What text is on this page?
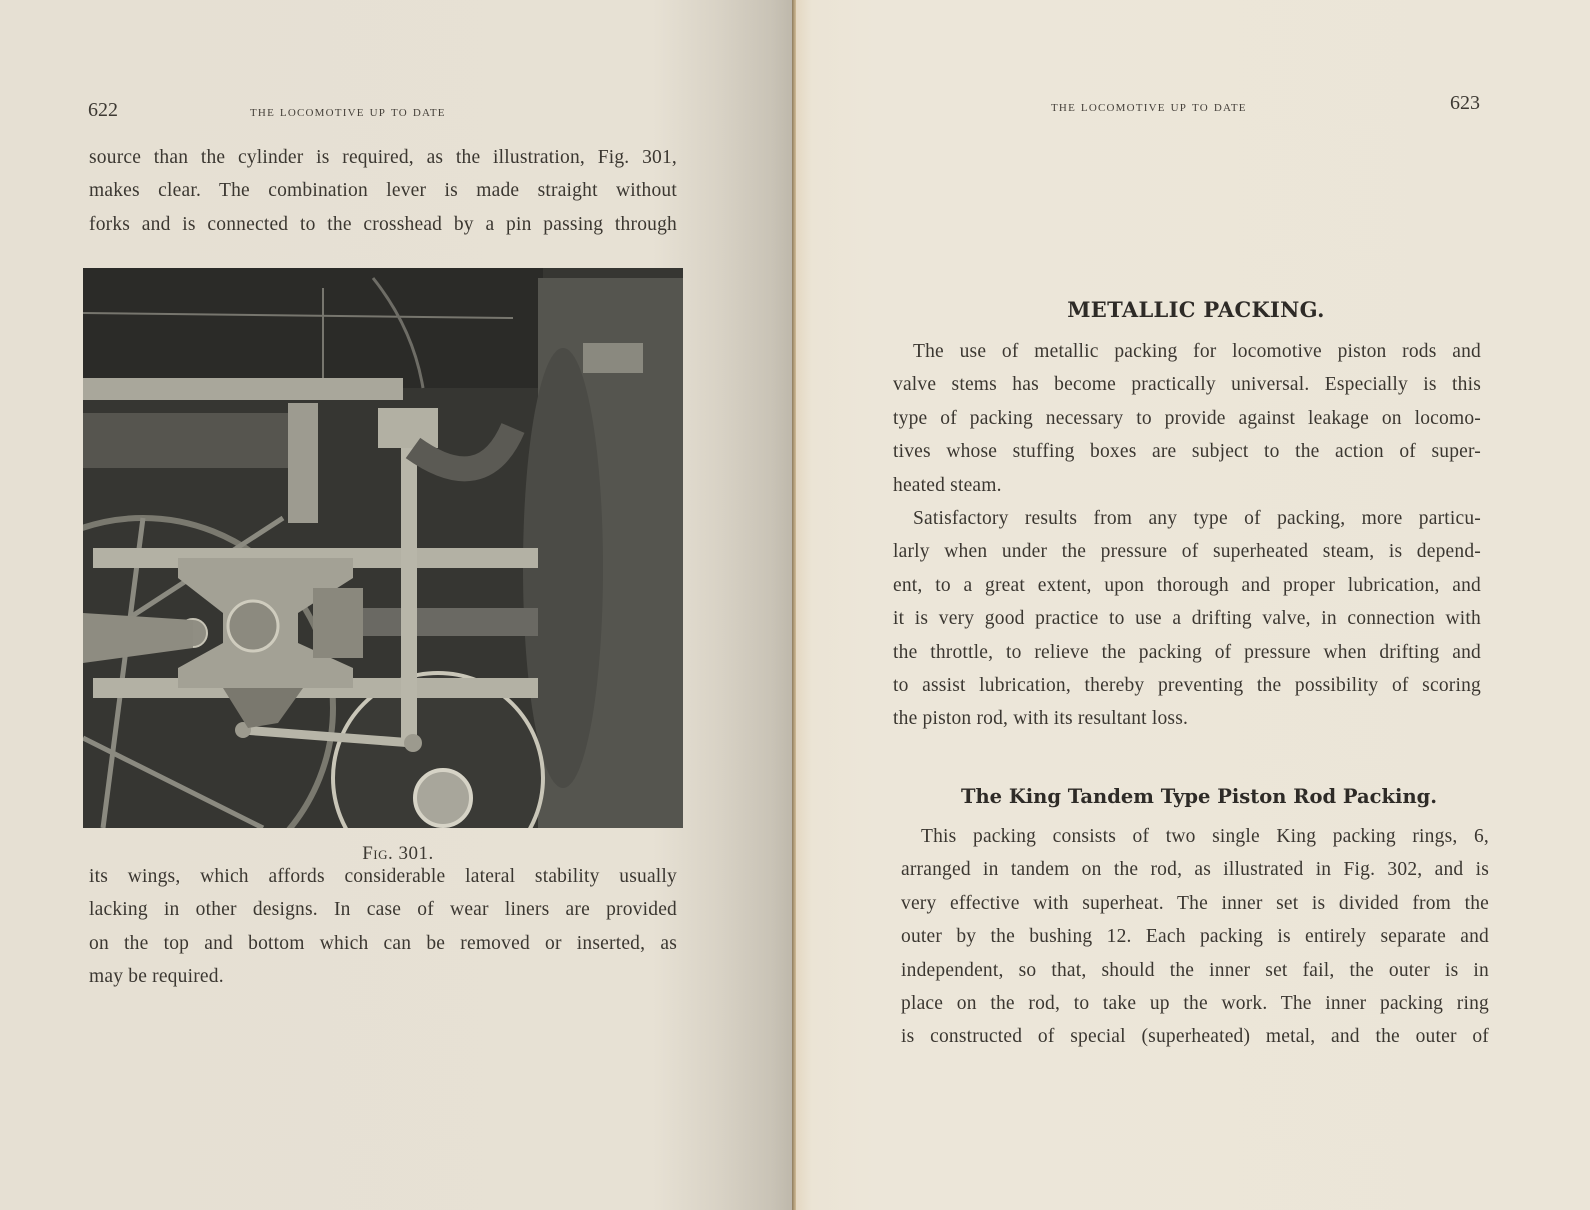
622	the locomotive up to date
source than the cylinder is required, as the illustration, Fig. 301,
makes clear. The combination lever is made straight without
forks and is connected to the crosshead by a pin passing through
Fig. 301.
its wings, which affords considerable lateral stability usually
lacking in other designs. In case of wear liners are provided
on the top and bottom which can be removed or inserted, as
may be required.
the locomotive up to date	623
METALLIC PACKING.
The use of metallic packing for locomotive piston rods and
valve stems has become practically universal. Especially is this
type of packing necessary to provide against leakage on locomo-
tives whose stuffing boxes are subject to the action of super-
heated steam.
Satisfactory results from any type of packing, more particu-
larly when under the pressure of superheated steam, is depend-
ent, to a great extent, upon thorough and proper lubrication, and
it is very good practice to use a drifting valve, in connection with
the throttle, to relieve the packing of pressure when drifting and
to assist lubrication, thereby preventing the possibility of scoring
the piston rod, with its resultant loss.
The King Tandem Type Piston Rod Packing.
This packing consists of two single King packing rings, 6,
arranged in tandem on the rod, as illustrated in Fig. 302, and is
very effective with superheat. The inner set is divided from the
outer by the bushing 12. Each packing is entirely separate and
independent, so that, should the inner set fail, the outer is in
place on the rod, to take up the work. The inner packing ring
is constructed of special (superheated) metal, and the outer of
